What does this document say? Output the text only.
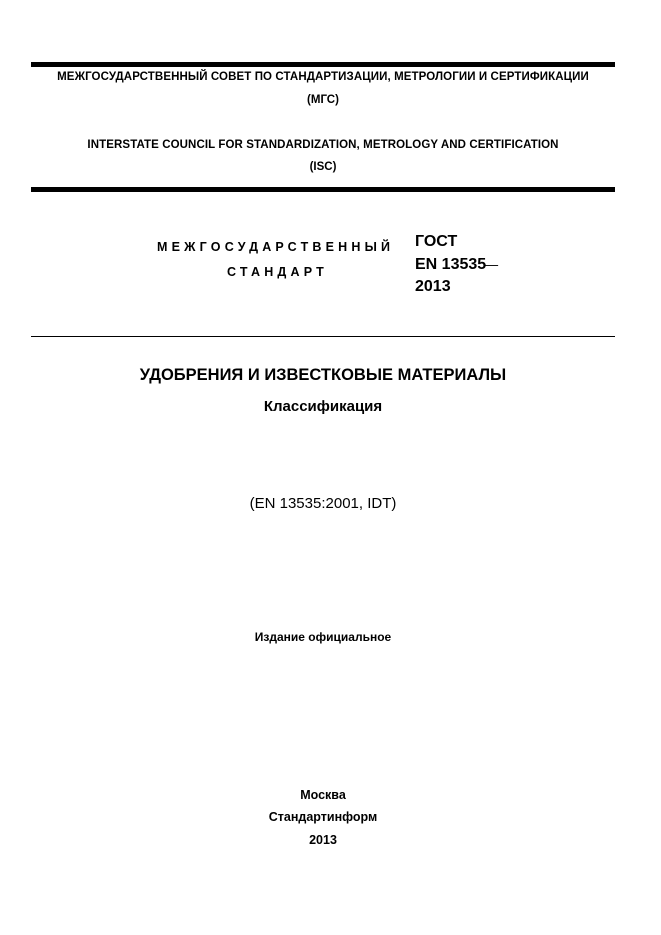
МЕЖГОСУДАРСТВЕННЫЙ СОВЕТ ПО СТАНДАРТИЗАЦИИ, МЕТРОЛОГИИ И СЕРТИФИКАЦИИ
(МГС)
INTERSTATE COUNCIL FOR STANDARDIZATION, METROLOGY AND CERTIFICATION
(ISC)
МЕЖГОСУДАРСТВЕННЫЙ
СТАНДАРТ
ГОСТ
EN 13535—
2013
УДОБРЕНИЯ И ИЗВЕСТКОВЫЕ МАТЕРИАЛЫ
Классификация
(EN 13535:2001, IDT)
Издание официальное
Москва
Стандартинформ
2013
